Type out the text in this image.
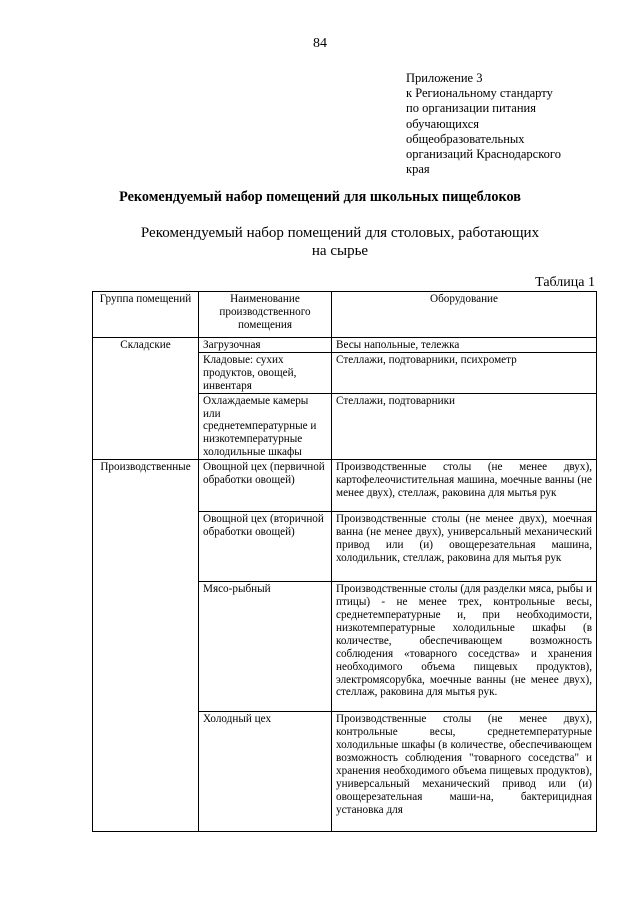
84
Приложение 3
к Региональному стандарту
по организации питания
обучающихся
общеобразовательных
организаций Краснодарского
края
Рекомендуемый набор помещений для школьных пищеблоков
Рекомендуемый набор помещений для столовых, работающих на сырье
Таблица 1
Группа помещений	Наименование производственного помещения	Оборудование
Складские	Загрузочная	Весы напольные, тележка
	Кладовые: сухих продуктов, овощей, инвентаря	Стеллажи, подтоварники, психрометр
	Охлаждаемые камеры или среднетемпературные и низкотемпературные холодильные шкафы	Стеллажи, подтоварники
Производственные	Овощной цех (первичной обработки овощей)	Производственные столы (не менее двух), картофелеочистительная машина, моечные ванны (не менее двух), стеллаж, раковина для мытья рук
	Овощной цех (вторичной обработки овощей)	Производственные столы (не менее двух), моечная ванна (не менее двух), универсальный механический привод или (и) овощерезательная машина, холодильник, стеллаж, раковина для мытья рук
	Мясо-рыбный	Производственные столы (для разделки мяса, рыбы и птицы) - не менее трех, контрольные весы, среднетемпературные и, при необходимости, низкотемпературные холодильные шкафы (в количестве, обеспечивающем возможность соблюдения «товарного соседства» и хранения необходимого объема пищевых продуктов), электромясорубка, моечные ванны (не менее двух), стеллаж, раковина для мытья рук.
	Холодный цех	Производственные столы (не менее двух), контрольные весы, среднетемпературные холодильные шкафы (в количестве, обеспечивающем возможность соблюдения "товарного соседства" и хранения необходимого объема пищевых продуктов), универсальный механический привод или (и) овощерезательная маши-на, бактерицидная установка для
